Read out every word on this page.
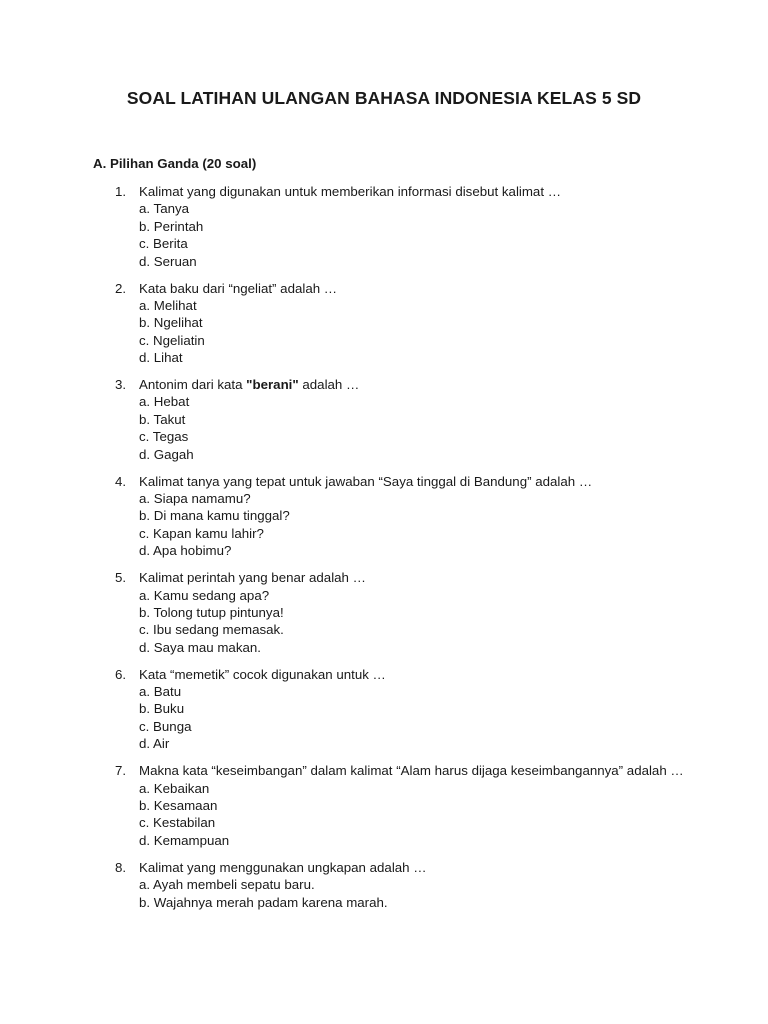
SOAL LATIHAN ULANGAN BAHASA INDONESIA KELAS 5 SD
A. Pilihan Ganda (20 soal)
1. Kalimat yang digunakan untuk memberikan informasi disebut kalimat …
a. Tanya
b. Perintah
c. Berita
d. Seruan
2. Kata baku dari “ngeliat” adalah …
a. Melihat
b. Ngelihat
c. Ngeliatin
d. Lihat
3. Antonim dari kata "berani" adalah …
a. Hebat
b. Takut
c. Tegas
d. Gagah
4. Kalimat tanya yang tepat untuk jawaban “Saya tinggal di Bandung” adalah …
a. Siapa namamu?
b. Di mana kamu tinggal?
c. Kapan kamu lahir?
d. Apa hobimu?
5. Kalimat perintah yang benar adalah …
a. Kamu sedang apa?
b. Tolong tutup pintunya!
c. Ibu sedang memasak.
d. Saya mau makan.
6. Kata “memetik” cocok digunakan untuk …
a. Batu
b. Buku
c. Bunga
d. Air
7. Makna kata “keseimbangan” dalam kalimat “Alam harus dijaga keseimbangannya” adalah …
a. Kebaikan
b. Kesamaan
c. Kestabilan
d. Kemampuan
8. Kalimat yang menggunakan ungkapan adalah …
a. Ayah membeli sepatu baru.
b. Wajahnya merah padam karena marah.
